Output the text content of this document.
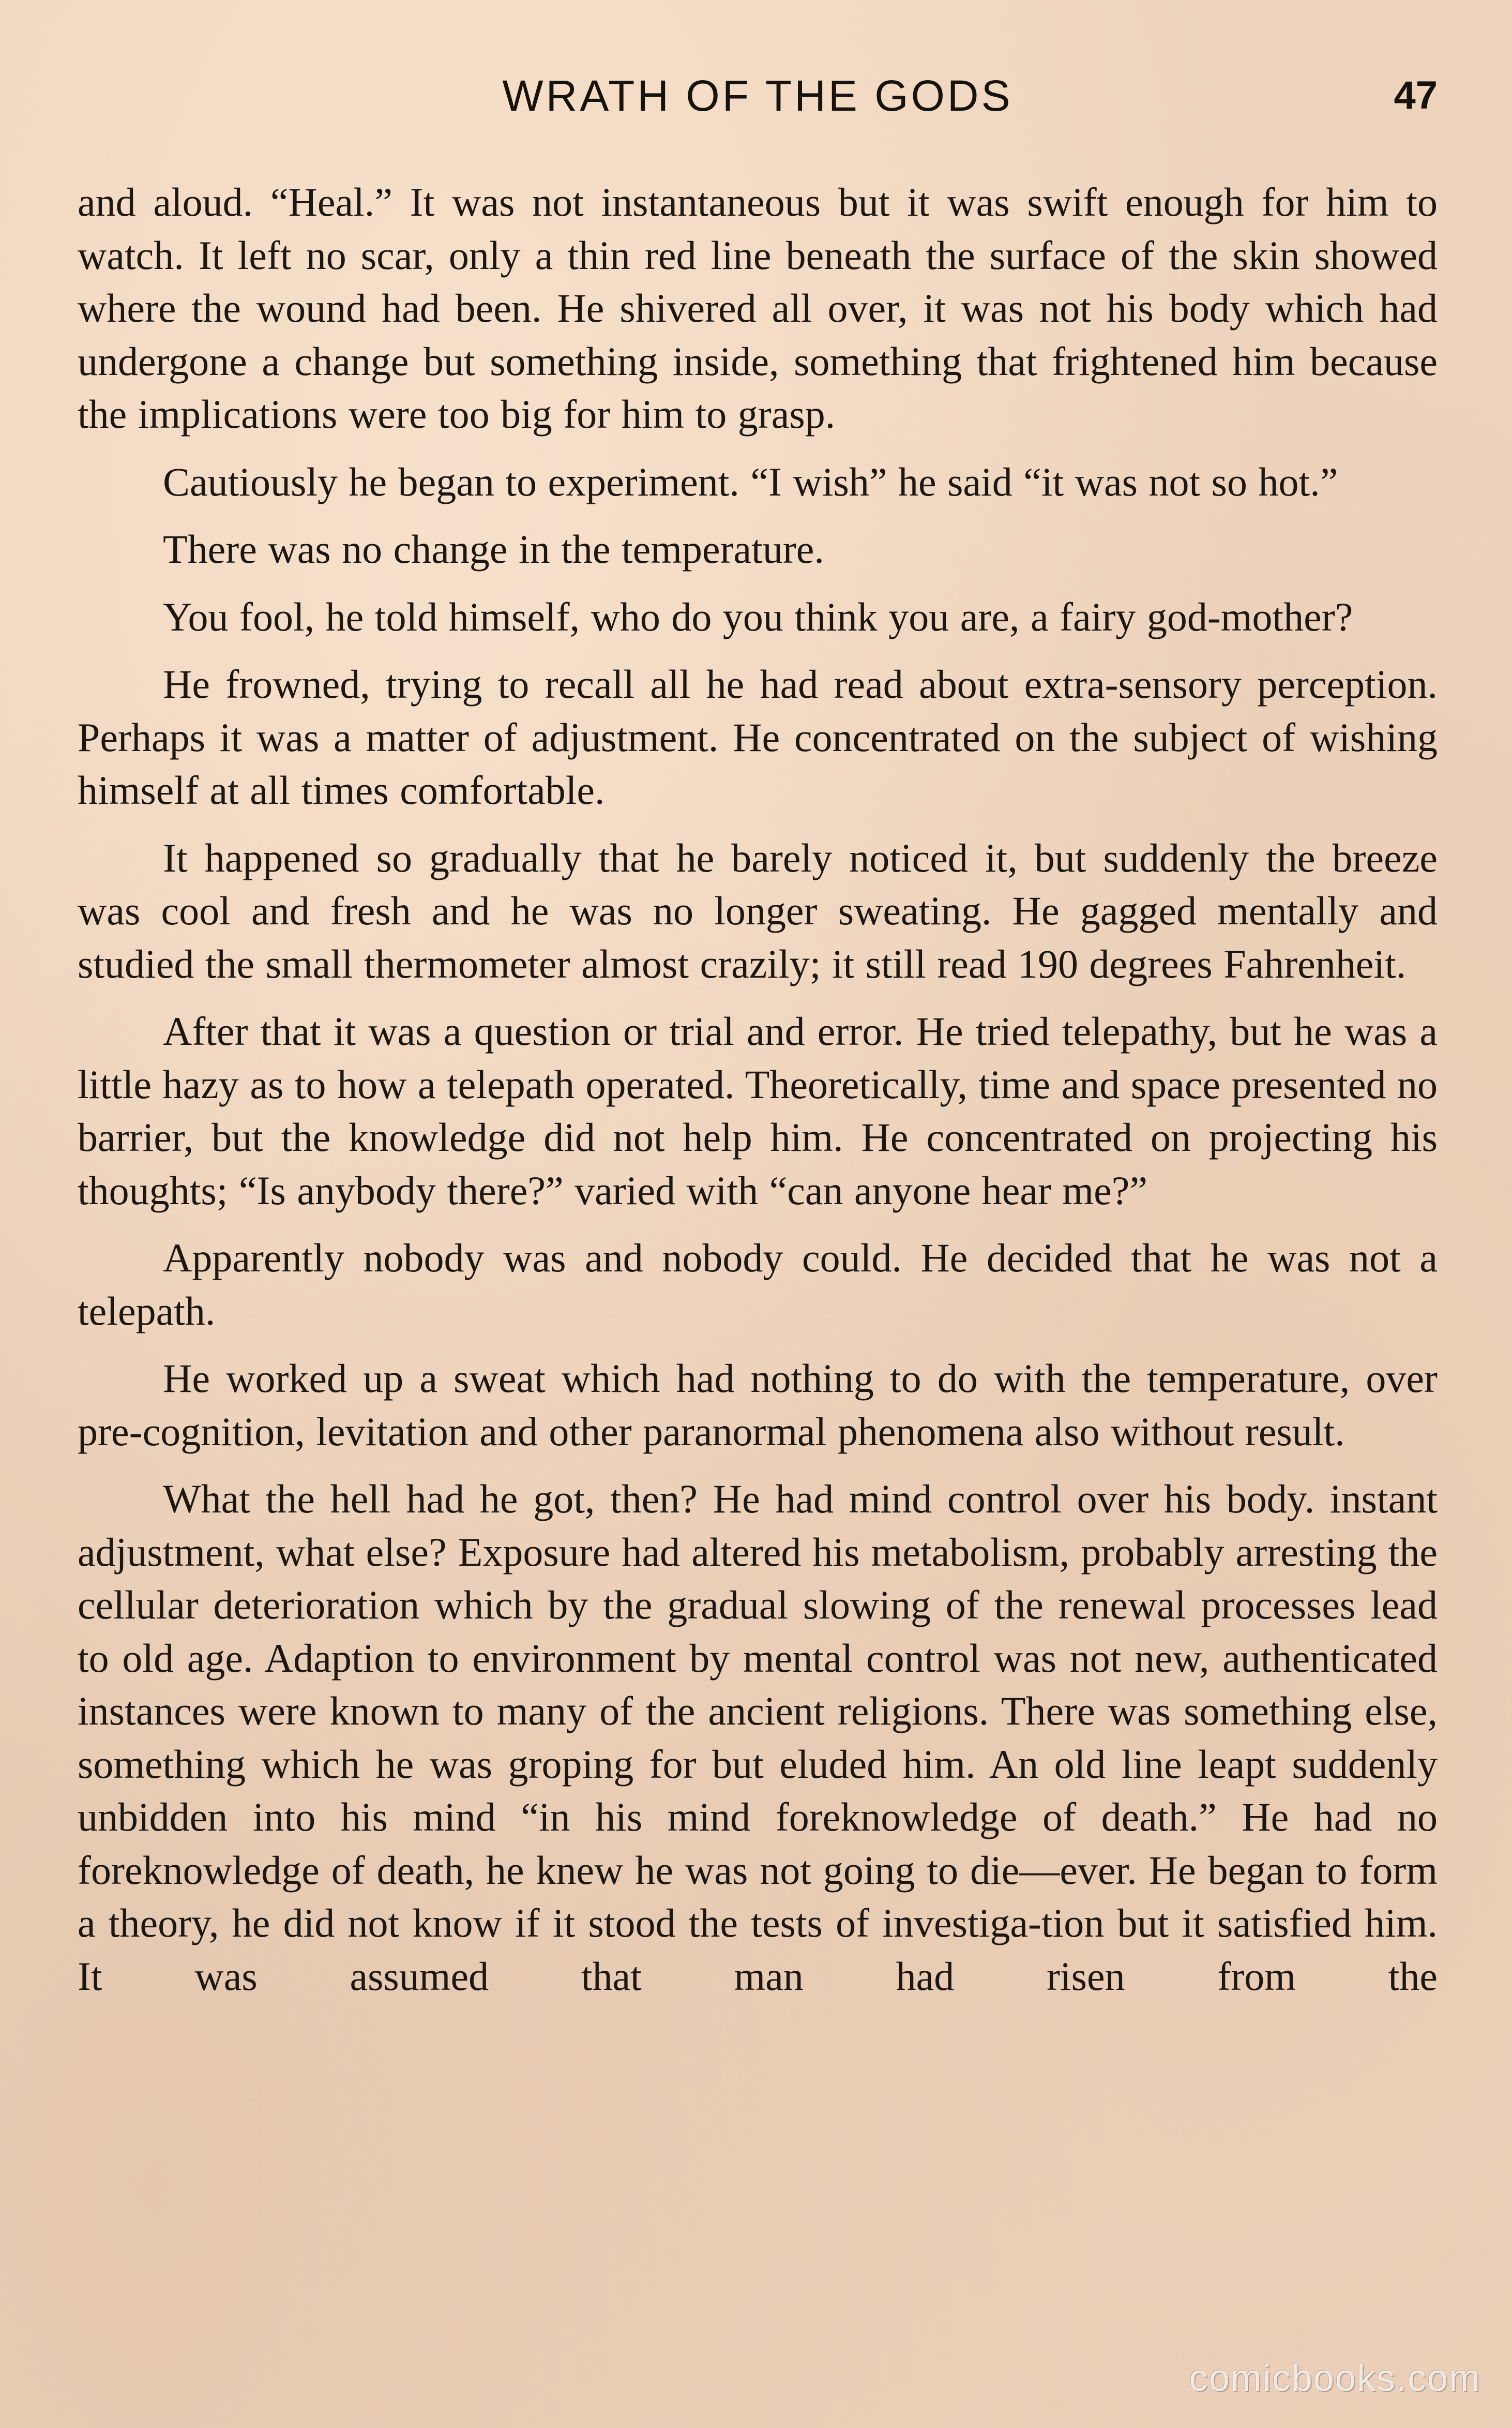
WRATH OF THE GODS	47

and aloud. “Heal.” It was not instantaneous but it was swift enough for him to watch. It left no scar, only a thin red line beneath the surface of the skin showed where the wound had been. He shivered all over, it was not his body which had undergone a change but something inside, something that frightened him because the implications were too big for him to grasp.

Cautiously he began to experiment. “I wish” he said “it was not so hot.”

There was no change in the temperature.

You fool, he told himself, who do you think you are, a fairy god-mother?

He frowned, trying to recall all he had read about extra-sensory perception. Perhaps it was a matter of adjustment. He concentrated on the subject of wishing himself at all times comfortable.

It happened so gradually that he barely noticed it, but suddenly the breeze was cool and fresh and he was no longer sweating. He gagged mentally and studied the small thermometer almost crazily; it still read 190 degrees Fahrenheit.

After that it was a question or trial and error. He tried telepathy, but he was a little hazy as to how a telepath operated. Theoretically, time and space presented no barrier, but the knowledge did not help him. He concentrated on projecting his thoughts; “Is anybody there?” varied with “can anyone hear me?”

Apparently nobody was and nobody could. He decided that he was not a telepath.

He worked up a sweat which had nothing to do with the temperature, over pre-cognition, levitation and other paranormal phenomena also without result.

What the hell had he got, then? He had mind control over his body. instant adjustment, what else? Exposure had altered his metabolism, probably arresting the cellular deterioration which by the gradual slowing of the renewal processes lead to old age. Adaption to environment by mental control was not new, authenticated instances were known to many of the ancient religions. There was something else, something which he was groping for but eluded him. An old line leapt suddenly unbidden into his mind “in his mind foreknowledge of death.” He had no foreknowledge of death, he knew he was not going to die—ever. He began to form a theory, he did not know if it stood the tests of investiga-tion but it satisfied him. It was assumed that man had risen from the

comicbooks.com
